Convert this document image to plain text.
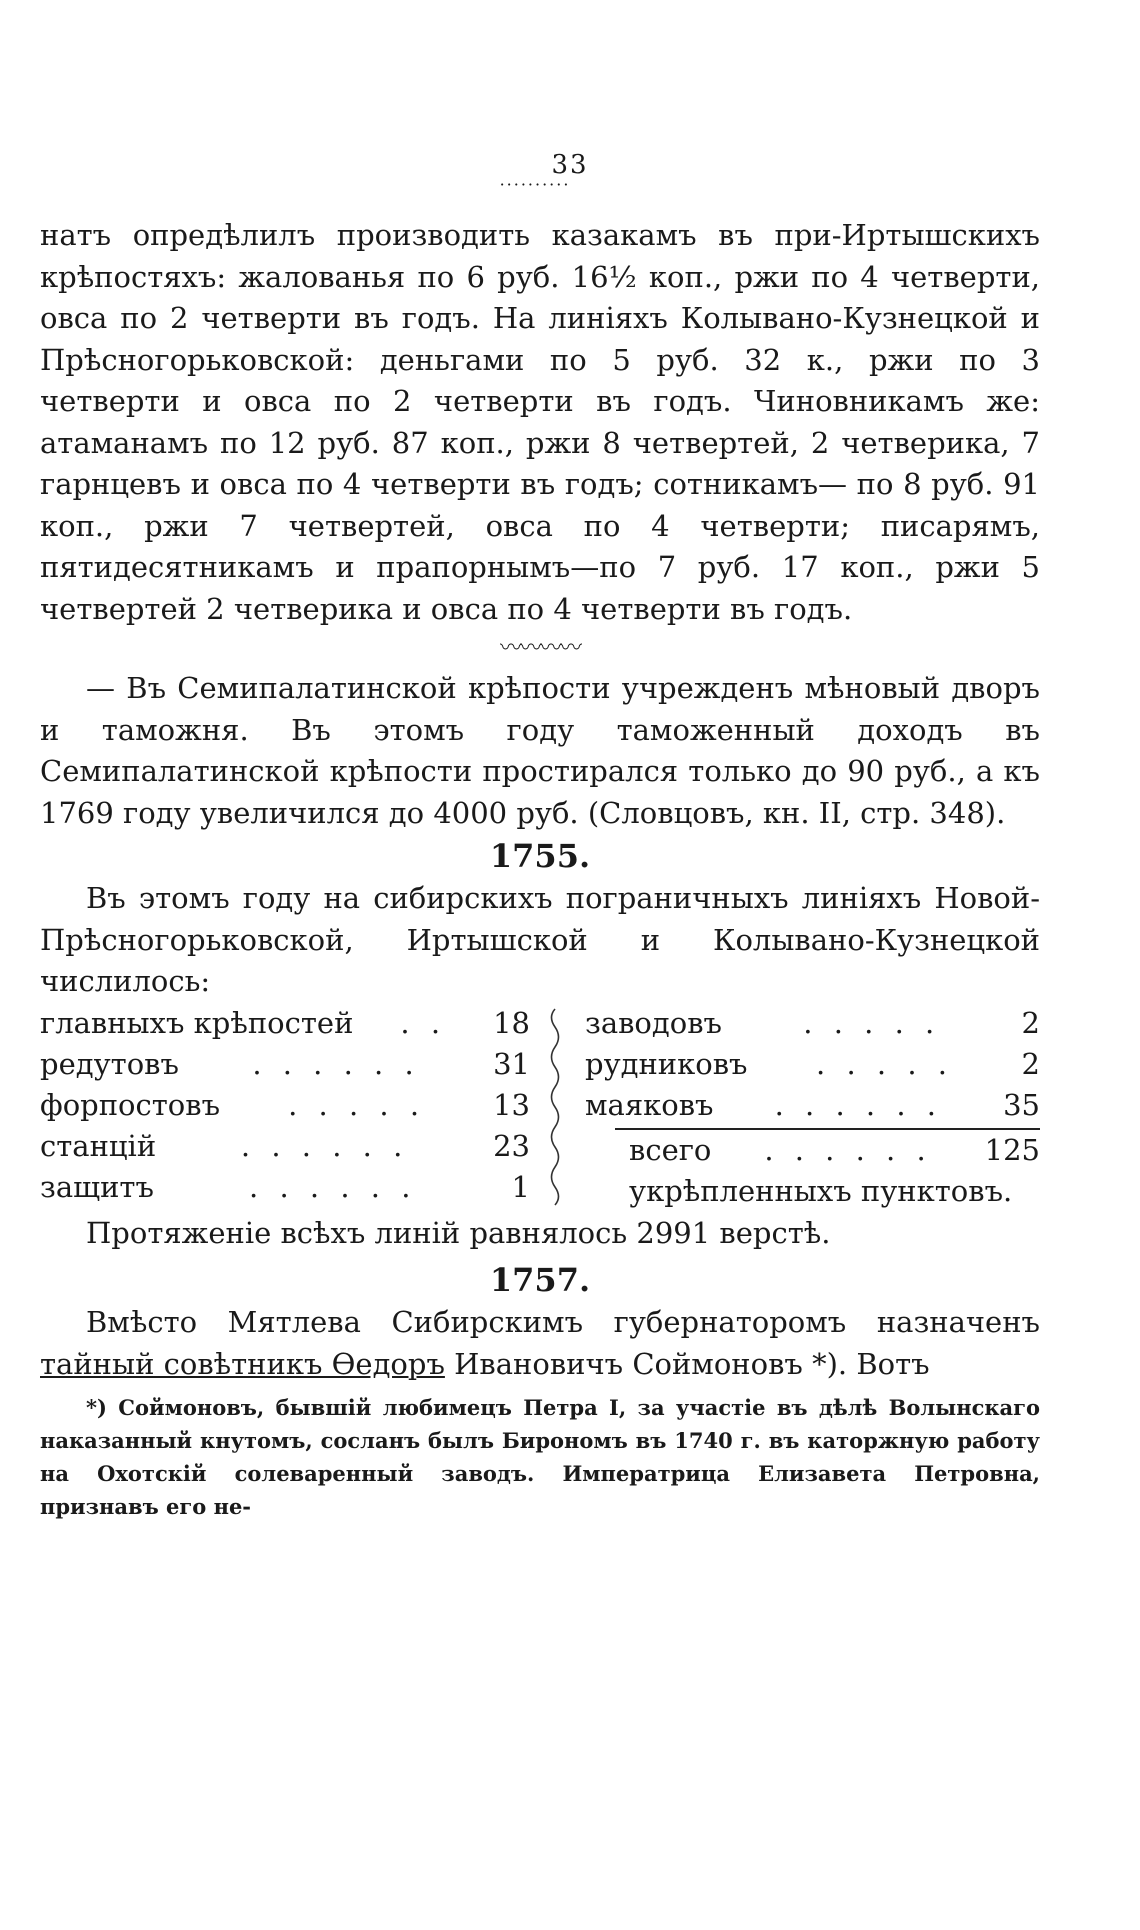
33
··········

натъ опредѣлилъ производить казакамъ въ при-Иртышскихъ крѣпостяхъ: жалованья по 6 руб. 16½ коп., ржи по 4 четверти, овса по 2 четверти въ годъ. На линіяхъ Колывано-Кузнецкой и Прѣсногорьковской: деньгами по 5 руб. 32 к., ржи по 3 четверти и овса по 2 четверти въ годъ. Чиновникамъ же: атаманамъ по 12 руб. 87 коп., ржи 8 четвертей, 2 четверика, 7 гарнцевъ и овса по 4 четверти въ годъ; сотникамъ— по 8 руб. 91 коп., ржи 7 четвертей, овса по 4 четверти; писарямъ, пятидесятникамъ и прапорнымъ—по 7 руб. 17 коп., ржи 5 четвертей 2 четверика и овса по 4 четверти въ годъ.

〰〰〰〰

— Въ Семипалатинской крѣпости учрежденъ мѣновый дворъ и таможня. Въ этомъ году таможенный доходъ въ Семипалатинской крѣпости простирался только до 90 руб., а къ 1769 году увеличился до 4000 руб. (Словцовъ, кн. II, стр. 348).

1755.

Въ этомъ году на сибирскихъ пограничныхъ линіяхъ Новой-Прѣсногорьковской, Иртышской и Колывано-Кузнецкой числилось:

главныхъ крѣпостей	. .	18
редутовъ	. . . . . .	31
форпостовъ	. . . . .	13
станцій	. . . . . .	23
защитъ	. . . . . .	1
заводовъ	. . . . .	2
рудниковъ	. . . . .	2
маяковъ	. . . . . .	35
всего	. . . . . .	125
укрѣпленныхъ пунктовъ.

Протяженіе всѣхъ линій равнялось 2991 верстѣ.

1757.

Вмѣсто Мятлева Сибирскимъ губернаторомъ назначенъ тайный совѣтникъ Ѳедоръ Ивановичъ Соймоновъ *). Вотъ

*) Соймоновъ, бывшій любимецъ Петра I, за участіе въ дѣлѣ Волынскаго наказанный кнутомъ, сосланъ былъ Бирономъ въ 1740 г. въ каторжную работу на Охотскій солеваренный заводъ. Императрица Елизавета Петровна, признавъ его не-
